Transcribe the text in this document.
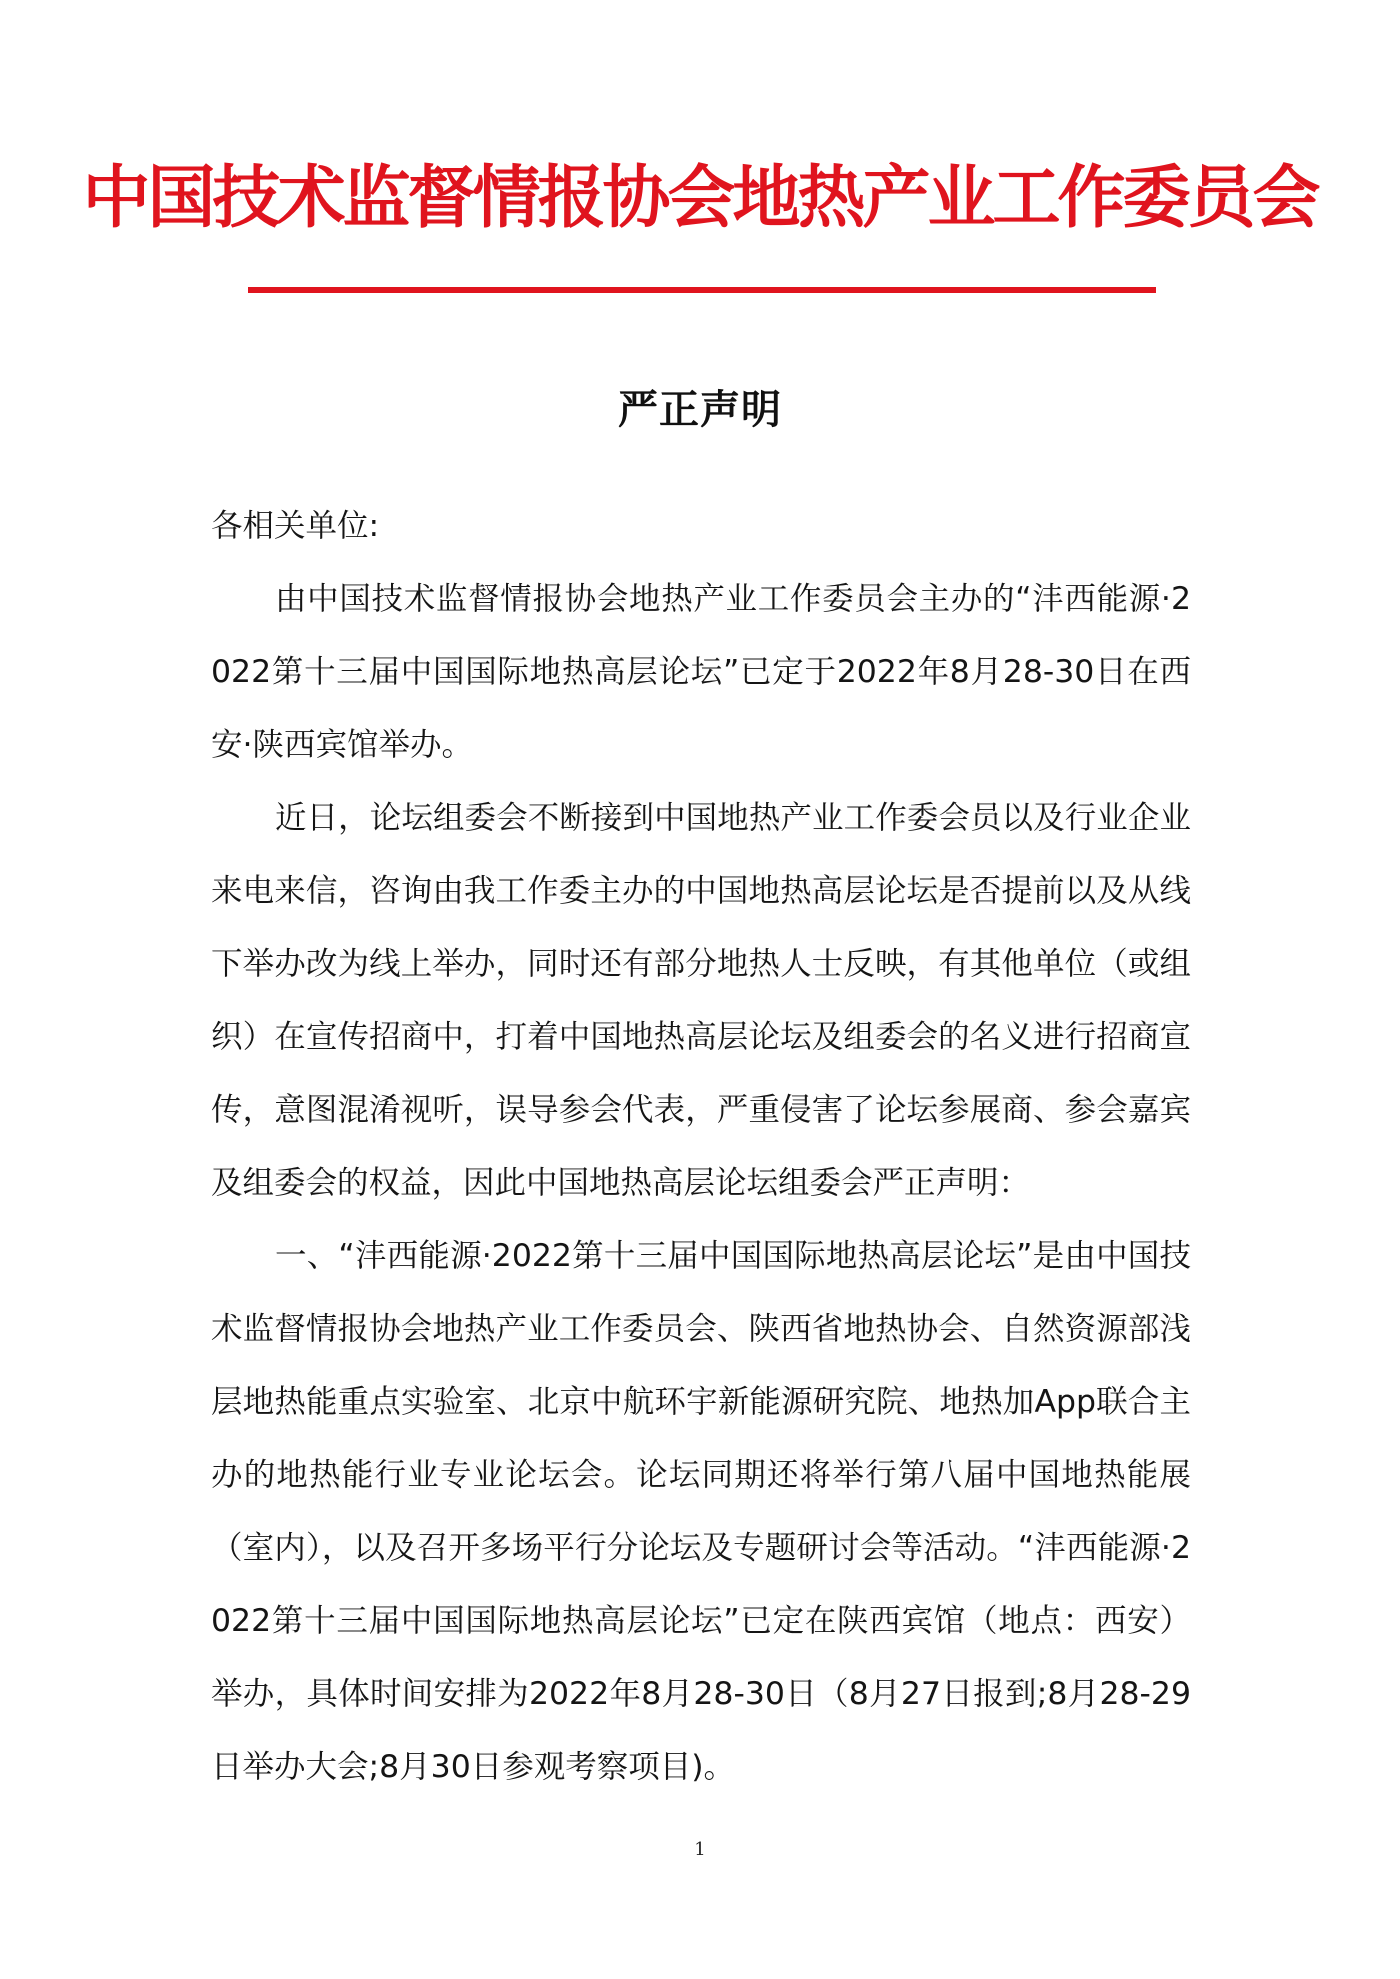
中国技术监督情报协会地热产业工作委员会
严正声明

各相关单位:

由中国技术监督情报协会地热产业工作委员会主办的“沣西能源·2022第十三届中国国际地热高层论坛”已定于2022年8月28-30日在西安·陕西宾馆举办。

近日，论坛组委会不断接到中国地热产业工作委会员以及行业企业来电来信，咨询由我工作委主办的中国地热高层论坛是否提前以及从线下举办改为线上举办，同时还有部分地热人士反映，有其他单位（或组织）在宣传招商中，打着中国地热高层论坛及组委会的名义进行招商宣传，意图混淆视听，误导参会代表，严重侵害了论坛参展商、参会嘉宾及组委会的权益，因此中国地热高层论坛组委会严正声明：

一、“沣西能源·2022第十三届中国国际地热高层论坛”是由中国技术监督情报协会地热产业工作委员会、陕西省地热协会、自然资源部浅层地热能重点实验室、北京中航环宇新能源研究院、地热加App联合主办的地热能行业专业论坛会。论坛同期还将举行第八届中国地热能展（室内），以及召开多场平行分论坛及专题研讨会等活动。“沣西能源·2022第十三届中国国际地热高层论坛”已定在陕西宾馆（地点：西安）举办，具体时间安排为2022年8月28-30日（8月27日报到;8月28-29日举办大会;8月30日参观考察项目)。

1
